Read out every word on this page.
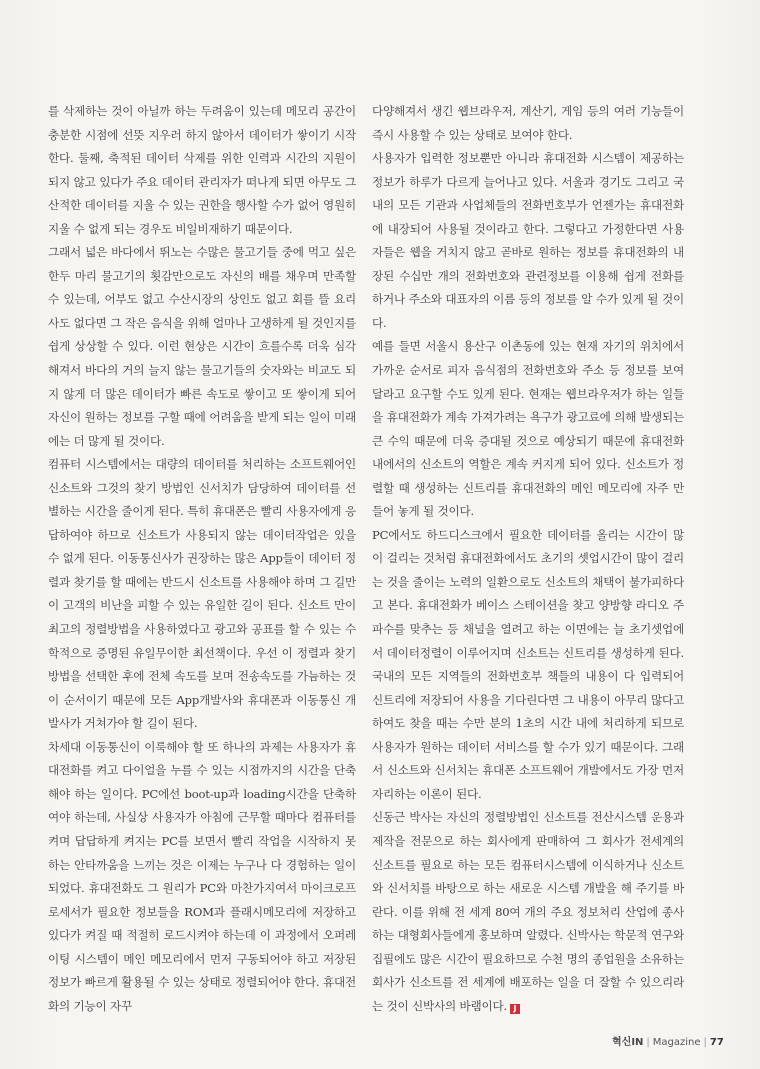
를 삭제하는 것이 아닐까 하는 두려움이 있는데 메모리 공간이 충분한 시점에 선뜻 지우러 하지 않아서 데이터가 쌓이기 시작한다. 둘째, 축적된 데이터 삭제를 위한 인력과 시간의 지원이 되지 않고 있다가 주요 데이터 관리자가 떠나게 되면 아무도 그 산적한 데이터를 지울 수 있는 권한을 행사할 수가 없어 영원히 지울 수 없게 되는 경우도 비일비재하기 때문이다.

그래서 넓은 바다에서 뛰노는 수많은 물고기들 중에 먹고 싶은 한두 마리 물고기의 횟감만으로도 자신의 배를 채우며 만족할 수 있는데, 어부도 없고 수산시장의 상인도 없고 회를 뜰 요리사도 없다면 그 작은 음식을 위해 얼마나 고생하게 될 것인지를 쉽게 상상할 수 있다. 이런 현상은 시간이 흐를수록 더욱 심각해져서 바다의 거의 늘지 않는 물고기들의 숫자와는 비교도 되지 않게 더 많은 데이터가 빠른 속도로 쌓이고 또 쌓이게 되어 자신이 원하는 정보를 구할 때에 어려움을 받게 되는 일이 미래에는 더 많게 될 것이다.

컴퓨터 시스템에서는 대량의 데이터를 처리하는 소프트웨어인 신소트와 그것의 찾기 방법인 신서치가 담당하여 데이터를 선별하는 시간을 줄이게 된다. 특히 휴대폰은 빨리 사용자에게 응답하여야 하므로 신소트가 사용되지 않는 데이터작업은 있을 수 없게 된다. 이동통신사가 권장하는 많은 App들이 데이터 정렬과 찾기를 할 때에는 반드시 신소트를 사용해야 하며 그 길만이 고객의 비난을 피할 수 있는 유일한 길이 된다. 신소트 만이 최고의 정렬방법을 사용하였다고 광고와 공표를 할 수 있는 수학적으로 증명된 유일무이한 최선책이다. 우선 이 정렬과 찾기 방법을 선택한 후에 전체 속도를 보며 전송속도를 가늠하는 것이 순서이기 때문에 모든 App개발사와 휴대폰과 이동통신 개발사가 거쳐가야 할 길이 된다.

차세대 이동통신이 이룩해야 할 또 하나의 과제는 사용자가 휴대전화를 켜고 다이얼을 누를 수 있는 시점까지의 시간을 단축해야 하는 일이다. PC에선 boot-up과 loading시간을 단축하여야 하는데, 사실상 사용자가 아침에 근무할 때마다 컴퓨터를 켜며 답답하게 켜지는 PC를 보면서 빨리 작업을 시작하지 못하는 안타까움을 느끼는 것은 이제는 누구나 다 경험하는 일이 되었다. 휴대전화도 그 원리가 PC와 마찬가지여서 마이크로프로세서가 필요한 정보들을 ROM과 플래시메모리에 저장하고 있다가 켜질 때 적절히 로드시켜야 하는데 이 과정에서 오퍼레이팅 시스템이 메인 메모리에서 먼저 구동되어야 하고 저장된 정보가 빠르게 활용될 수 있는 상태로 정렬되어야 한다. 휴대전화의 기능이 자꾸

다양해져서 생긴 웹브라우저, 계산기, 게임 등의 여러 기능들이 즉시 사용할 수 있는 상태로 보여야 한다.

사용자가 입력한 정보뿐만 아니라 휴대전화 시스템이 제공하는 정보가 하루가 다르게 늘어나고 있다. 서울과 경기도 그리고 국내의 모든 기관과 사업체들의 전화번호부가 언젠가는 휴대전화에 내장되어 사용될 것이라고 한다. 그렇다고 가정한다면 사용자들은 웹을 거치지 않고 곧바로 원하는 정보를 휴대전화의 내장된 수십만 개의 전화번호와 관련정보를 이용해 쉽게 전화를 하거나 주소와 대표자의 이름 등의 정보를 알 수가 있게 될 것이다.

예를 들면 서울시 용산구 이촌동에 있는 현재 자기의 위치에서 가까운 순서로 피자 음식점의 전화번호와 주소 등 정보를 보여 달라고 요구할 수도 있게 된다. 현재는 웹브라우저가 하는 일들을 휴대전화가 계속 가져가려는 욕구가 광고료에 의해 발생되는 큰 수익 때문에 더욱 증대될 것으로 예상되기 때문에 휴대전화 내에서의 신소트의 역할은 계속 커지게 되어 있다. 신소트가 정렬할 때 생성하는 신트리를 휴대전화의 메인 메모리에 자주 만들어 놓게 될 것이다.

PC에서도 하드디스크에서 필요한 데이터를 올리는 시간이 많이 걸리는 것처럼 휴대전화에서도 초기의 셋업시간이 많이 걸리는 것을 줄이는 노력의 일환으로도 신소트의 채택이 불가피하다고 본다. 휴대전화가 베이스 스테이션을 찾고 양방향 라디오 주파수를 맞추는 등 채널을 열려고 하는 이면에는 늘 초기셋업에서 데이터정렬이 이루어지며 신소트는 신트리를 생성하게 된다. 국내의 모든 지역들의 전화번호부 책들의 내용이 다 입력되어 신트리에 저장되어 사용을 기다린다면 그 내용이 아무리 많다고 하여도 찾을 때는 수만 분의 1초의 시간 내에 처리하게 되므로 사용자가 원하는 데이터 서비스를 할 수가 있기 때문이다. 그래서 신소트와 신서치는 휴대폰 소프트웨어 개발에서도 가장 먼저 자리하는 이론이 된다.

신동근 박사는 자신의 정렬방법인 신소트를 전산시스템 운용과 제작을 전문으로 하는 회사에게 판매하여 그 회사가 전세계의 신소트를 필요로 하는 모든 컴퓨터시스템에 이식하거나 신소트와 신서치를 바탕으로 하는 새로운 시스템 개발을 해 주기를 바란다. 이를 위해 전 세계 80여 개의 주요 정보처리 산업에 종사하는 대형회사들에게 홍보하며 알렸다. 신박사는 학문적 연구와 집필에도 많은 시간이 필요하므로 수천 명의 종업원을 소유하는 회사가 신소트를 전 세계에 배포하는 일을 더 잘할 수 있으리라는 것이 신박사의 바램이다. J

혁신IN | Magazine | 77
